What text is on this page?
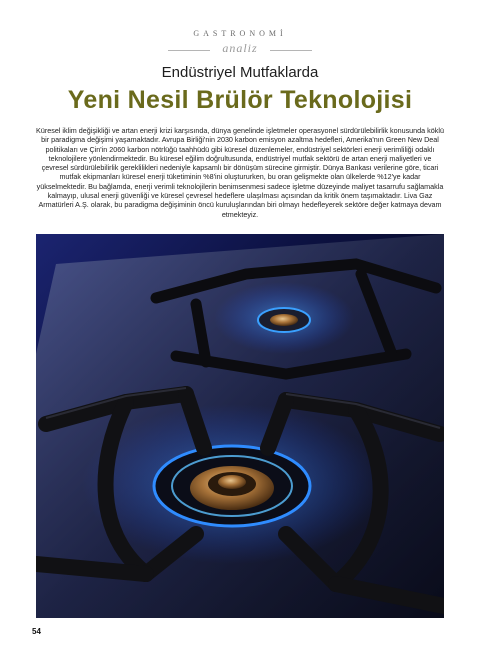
GASTRONOMİ
analiz
Endüstriyel Mutfaklarda
Yeni Nesil Brülör Teknolojisi
Küresel iklim değişikliği ve artan enerji krizi karşısında, dünya genelinde işletmeler operasyonel sürdürülebilirlik konusunda köklü bir paradigma değişimi yaşamaktadır. Avrupa Birliği'nin 2030 karbon emisyon azaltma hedefleri, Amerika'nın Green New Deal politikaları ve Çin'in 2060 karbon nötrlüğü taahhüdü gibi küresel düzenlemeler, endüstriyel sektörleri enerji verimliliği odaklı teknolojilere yönlendirmektedir. Bu küresel eğilim doğrultusunda, endüstriyel mutfak sektörü de artan enerji maliyetleri ve çevresel sürdürülebilirlik gereklilikleri nedeniyle kapsamlı bir dönüşüm sürecine girmiştir. Dünya Bankası verilerine göre, ticari mutfak ekipmanları küresel enerji tüketiminin %8'ini oluştururken, bu oran gelişmekte olan ülkelerde %12'ye kadar yükselmektedir. Bu bağlamda, enerji verimli teknolojilerin benimsenmesi sadece işletme düzeyinde maliyet tasarrufu sağlamakla kalmayıp, ulusal enerji güvenliği ve küresel çevresel hedeflere ulaşılması açısından da kritik önem taşımaktadır. Liva Gaz Armatürleri A.Ş. olarak, bu paradigma değişiminin öncü kuruluşlarından biri olmayı hedefleyerek sektöre değer katmaya devam etmekteyiz.
54
